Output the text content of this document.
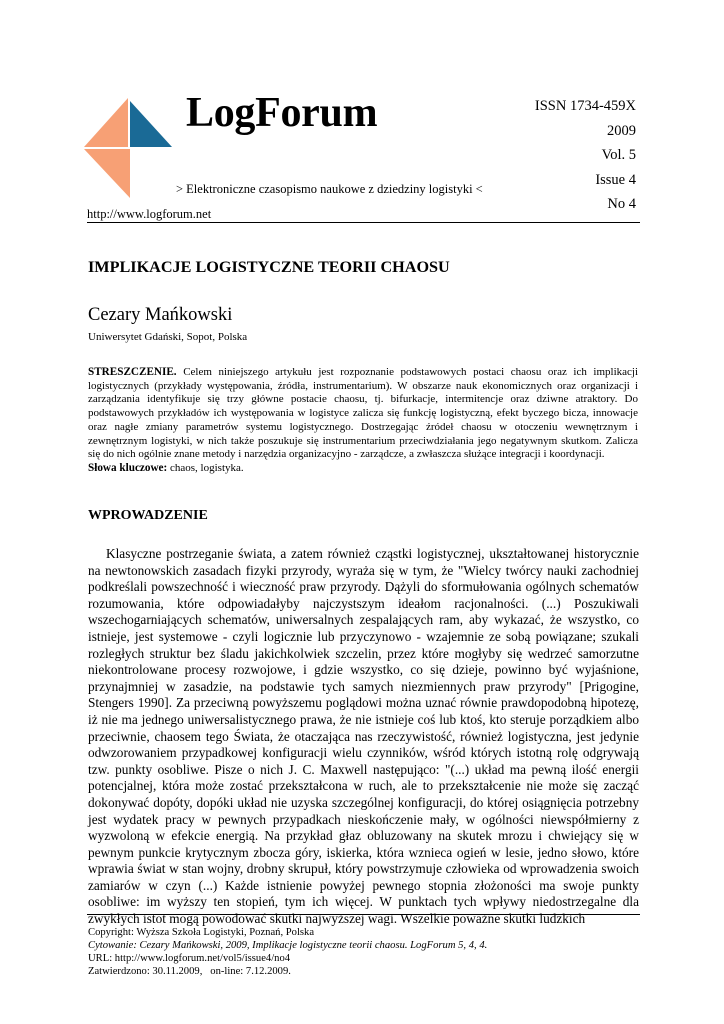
LogForum
> Elektroniczne czasopismo naukowe z dziedziny logistyki <
http://www.logforum.net
ISSN 1734-459X
2009
Vol. 5
Issue 4
No 4
IMPLIKACJE LOGISTYCZNE TEORII CHAOSU
Cezary Mańkowski
Uniwersytet Gdański, Sopot, Polska
STRESZCZENIE. Celem niniejszego artykułu jest rozpoznanie podstawowych postaci chaosu oraz ich implikacji logistycznych (przykłady występowania, źródła, instrumentarium). W obszarze nauk ekonomicznych oraz organizacji i zarządzania identyfikuje się trzy główne postacie chaosu, tj. bifurkacje, intermitencje oraz dziwne atraktory. Do podstawowych przykładów ich występowania w logistyce zalicza się funkcję logistyczną, efekt byczego bicza, innowacje oraz nagłe zmiany parametrów systemu logistycznego. Dostrzegając źródeł chaosu w otoczeniu wewnętrznym i zewnętrznym logistyki, w nich także poszukuje się instrumentarium przeciwdziałania jego negatywnym skutkom. Zalicza się do nich ogólnie znane metody i narzędzia organizacyjno - zarządcze, a zwłaszcza służące integracji i koordynacji.
Słowa kluczowe: chaos, logistyka.
WPROWADZENIE

Klasyczne postrzeganie świata, a zatem również cząstki logistycznej, ukształtowanej historycznie na newtonowskich zasadach fizyki przyrody, wyraża się w tym, że "Wielcy twórcy nauki zachodniej podkreślali powszechność i wieczność praw przyrody. Dążyli do sformułowania ogólnych schematów rozumowania, które odpowiadałyby najczystszym ideałom racjonalności. (...) Poszukiwali wszechogarniających schematów, uniwersalnych zespalających ram, aby wykazać, że wszystko, co istnieje, jest systemowe - czyli logicznie lub przyczynowo - wzajemnie ze sobą powiązane; szukali rozległych struktur bez śladu jakichkolwiek szczelin, przez które mogłyby się wedrzeć samorzutne niekontrolowane procesy rozwojowe, i gdzie wszystko, co się dzieje, powinno być wyjaśnione, przynajmniej w zasadzie, na podstawie tych samych niezmiennych praw przyrody" [Prigogine, Stengers 1990]. Za przeciwną powyższemu poglądowi można uznać równie prawdopodobną hipotezę, iż nie ma jednego uniwersalistycznego prawa, że nie istnieje coś lub ktoś, kto steruje porządkiem albo przeciwnie, chaosem tego Świata, że otaczająca nas rzeczywistość, również logistyczna, jest jedynie odwzorowaniem przypadkowej konfiguracji wielu czynników, wśród których istotną rolę odgrywają tzw. punkty osobliwe. Pisze o nich J. C. Maxwell następująco: "(...) układ ma pewną ilość energii potencjalnej, która może zostać przekształcona w ruch, ale to przekształcenie nie może się zacząć dokonywać dopóty, dopóki układ nie uzyska szczególnej konfiguracji, do której osiągnięcia potrzebny jest wydatek pracy w pewnych przypadkach nieskończenie mały, w ogólności niewspółmierny z wyzwoloną w efekcie energią. Na przykład głaz obluzowany na skutek mrozu i chwiejący się w pewnym punkcie krytycznym zbocza góry, iskierka, która wznieca ogień w lesie, jedno słowo, które wprawia świat w stan wojny, drobny skrupuł, który powstrzymuje człowieka od wprowadzenia swoich zamiarów w czyn (...) Każde istnienie powyżej pewnego stopnia złożoności ma swoje punkty osobliwe: im wyższy ten stopień, tym ich więcej. W punktach tych wpływy niedostrzegalne dla zwykłych istot mogą powodować skutki najwyższej wagi. Wszelkie poważne skutki ludzkich

Copyright: Wyższa Szkoła Logistyki, Poznań, Polska
Cytowanie: Cezary Mańkowski, 2009, Implikacje logistyczne teorii chaosu. LogForum 5, 4, 4.
URL: http://www.logforum.net/vol5/issue4/no4
Zatwierdzono: 30.11.2009,   on-line: 7.12.2009.
